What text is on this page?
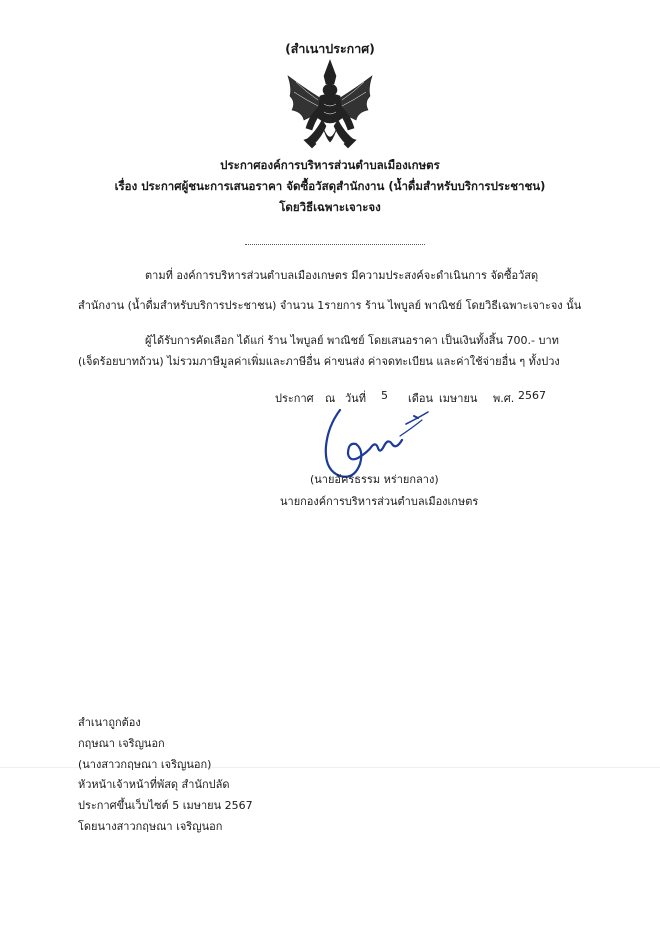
(สำเนาประกาศ)
ประกาศองค์การบริหารส่วนตำบลเมืองเกษตร
เรื่อง ประกาศผู้ชนะการเสนอราคา จัดซื้อวัสดุสำนักงาน (น้ำดื่มสำหรับบริการประชาชน)
โดยวิธีเฉพาะเจาะจง
ตามที่ องค์การบริหารส่วนตำบลเมืองเกษตร มีความประสงค์จะดำเนินการ จัดซื้อวัสดุ
สำนักงาน (น้ำดื่มสำหรับบริการประชาชน) จำนวน 1รายการ ร้าน ไพบูลย์ พาณิชย์ โดยวิธีเฉพาะเจาะจง นั้น
ผู้ได้รับการคัดเลือก ได้แก่ ร้าน ไพบูลย์ พาณิชย์ โดยเสนอราคา เป็นเงินทั้งสิ้น 700.- บาท
(เจ็ดร้อยบาทถ้วน) ไม่รวมภาษีมูลค่าเพิ่มและภาษีอื่น ค่าขนส่ง ค่าจดทะเบียน และค่าใช้จ่ายอื่น ๆ ทั้งปวง
ประกาศ ณ วันที่ 5 เดือน เมษายน พ.ศ. 2567
(นายอัครธรรม หร่ายกลาง)
นายกองค์การบริหารส่วนตำบลเมืองเกษตร
สำเนาถูกต้อง
กฤษณา เจริญนอก
(นางสาวกฤษณา เจริญนอก)
หัวหน้าเจ้าหน้าที่พัสดุ สำนักปลัด
ประกาศขึ้นเว็บไซต์ 5 เมษายน 2567
โดยนางสาวกฤษณา เจริญนอก
